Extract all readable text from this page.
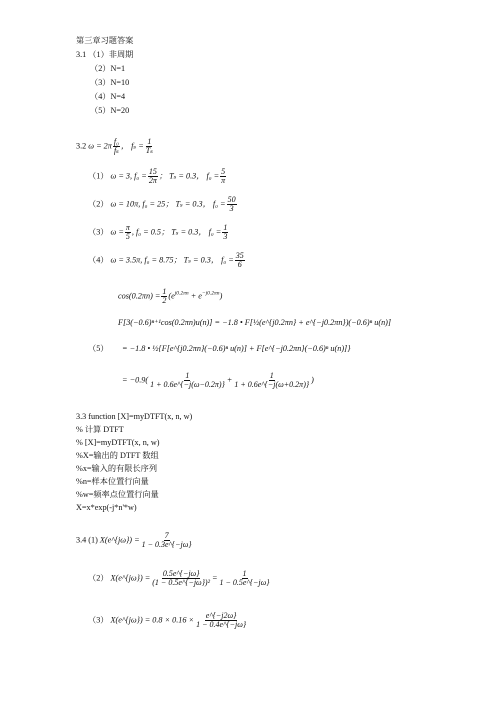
第三章习题答案
3.1 （1）非周期
（2）N=1
（3）N=10
（4）N=4
（5）N=20
3.2 $\omega = 2\pi \frac{\text{f₀}}{\text{fₛ}}$ ， $f_s = \frac{1}{\text{Tₛ}}$
（1） ω = 3, $f_0 = \frac{15}{2\pi}$ ； Tₛ = 0.3， $f_0 = \frac{5}{\pi}$
（2） ω = 10π, f₀ = 25； Tₛ = 0.3， $f_0 = \frac{50}{3}$
（3） $\omega = \frac{\pi}{5}$ , f₀ = 0.5； Tₛ = 0.3， $f_0 = \frac{1}{3}$
（4） ω = 3.5π, f₀ = 8.75； Tₛ = 0.3， $f_0 = \frac{35}{6}$
$\cos(0.2\pi n) = \frac{1}{2} (e^{j0.2\pi n} + e^{-j0.2\pi n})$
F[3(−0.6)ⁿ⁺¹cos(0.2πn)u(n)] = −1.8 • F[½(e^{j0.2πn} + e^{−j0.2πn})(−0.6)ⁿ u(n)]
（5） = −1.8 • ½{F[e^{j0.2πn}(−0.6)ⁿ u(n)] + F[e^{−j0.2πn}(−0.6)ⁿ u(n)]}
= $-0.9( \frac{1}{1 + 0.6e\^{}\{-j(\omega-0.2\pi)\}} + \frac{1}{1 + 0.6e\^{}\{-j(\omega+0.2\pi)\}}$ )
3.3 function [X]=myDTFT(x, n, w)
% 计算 DTFT
% [X]=myDTFT(x, n, w)
%X=输出的 DTFT 数组
%x=输入的有限长序列
%n=样本位置行向量
%w=频率点位置行向量
X=x*exp(-j*n'*w)
3.4 (1) X(e^{jω}) = $\frac{7}{1 - 0.3e\^{}\{-j\omega\}}$
（2） X(e^{jω}) = $\frac{0.5e\^{}\{-j\omega\}}{\text{(1 − 0.5e\textasciicircum{}\{−jω\})²}} = \frac{1}{1 - 0.5e\^{}\{-j\omega\}}$
（3） X(e^{jω}) = $0.8 \times 0.16 \times \frac{e\^{}\{-j2\omega\}}{1 - 0.4e\^{}\{-j\omega\}}$
